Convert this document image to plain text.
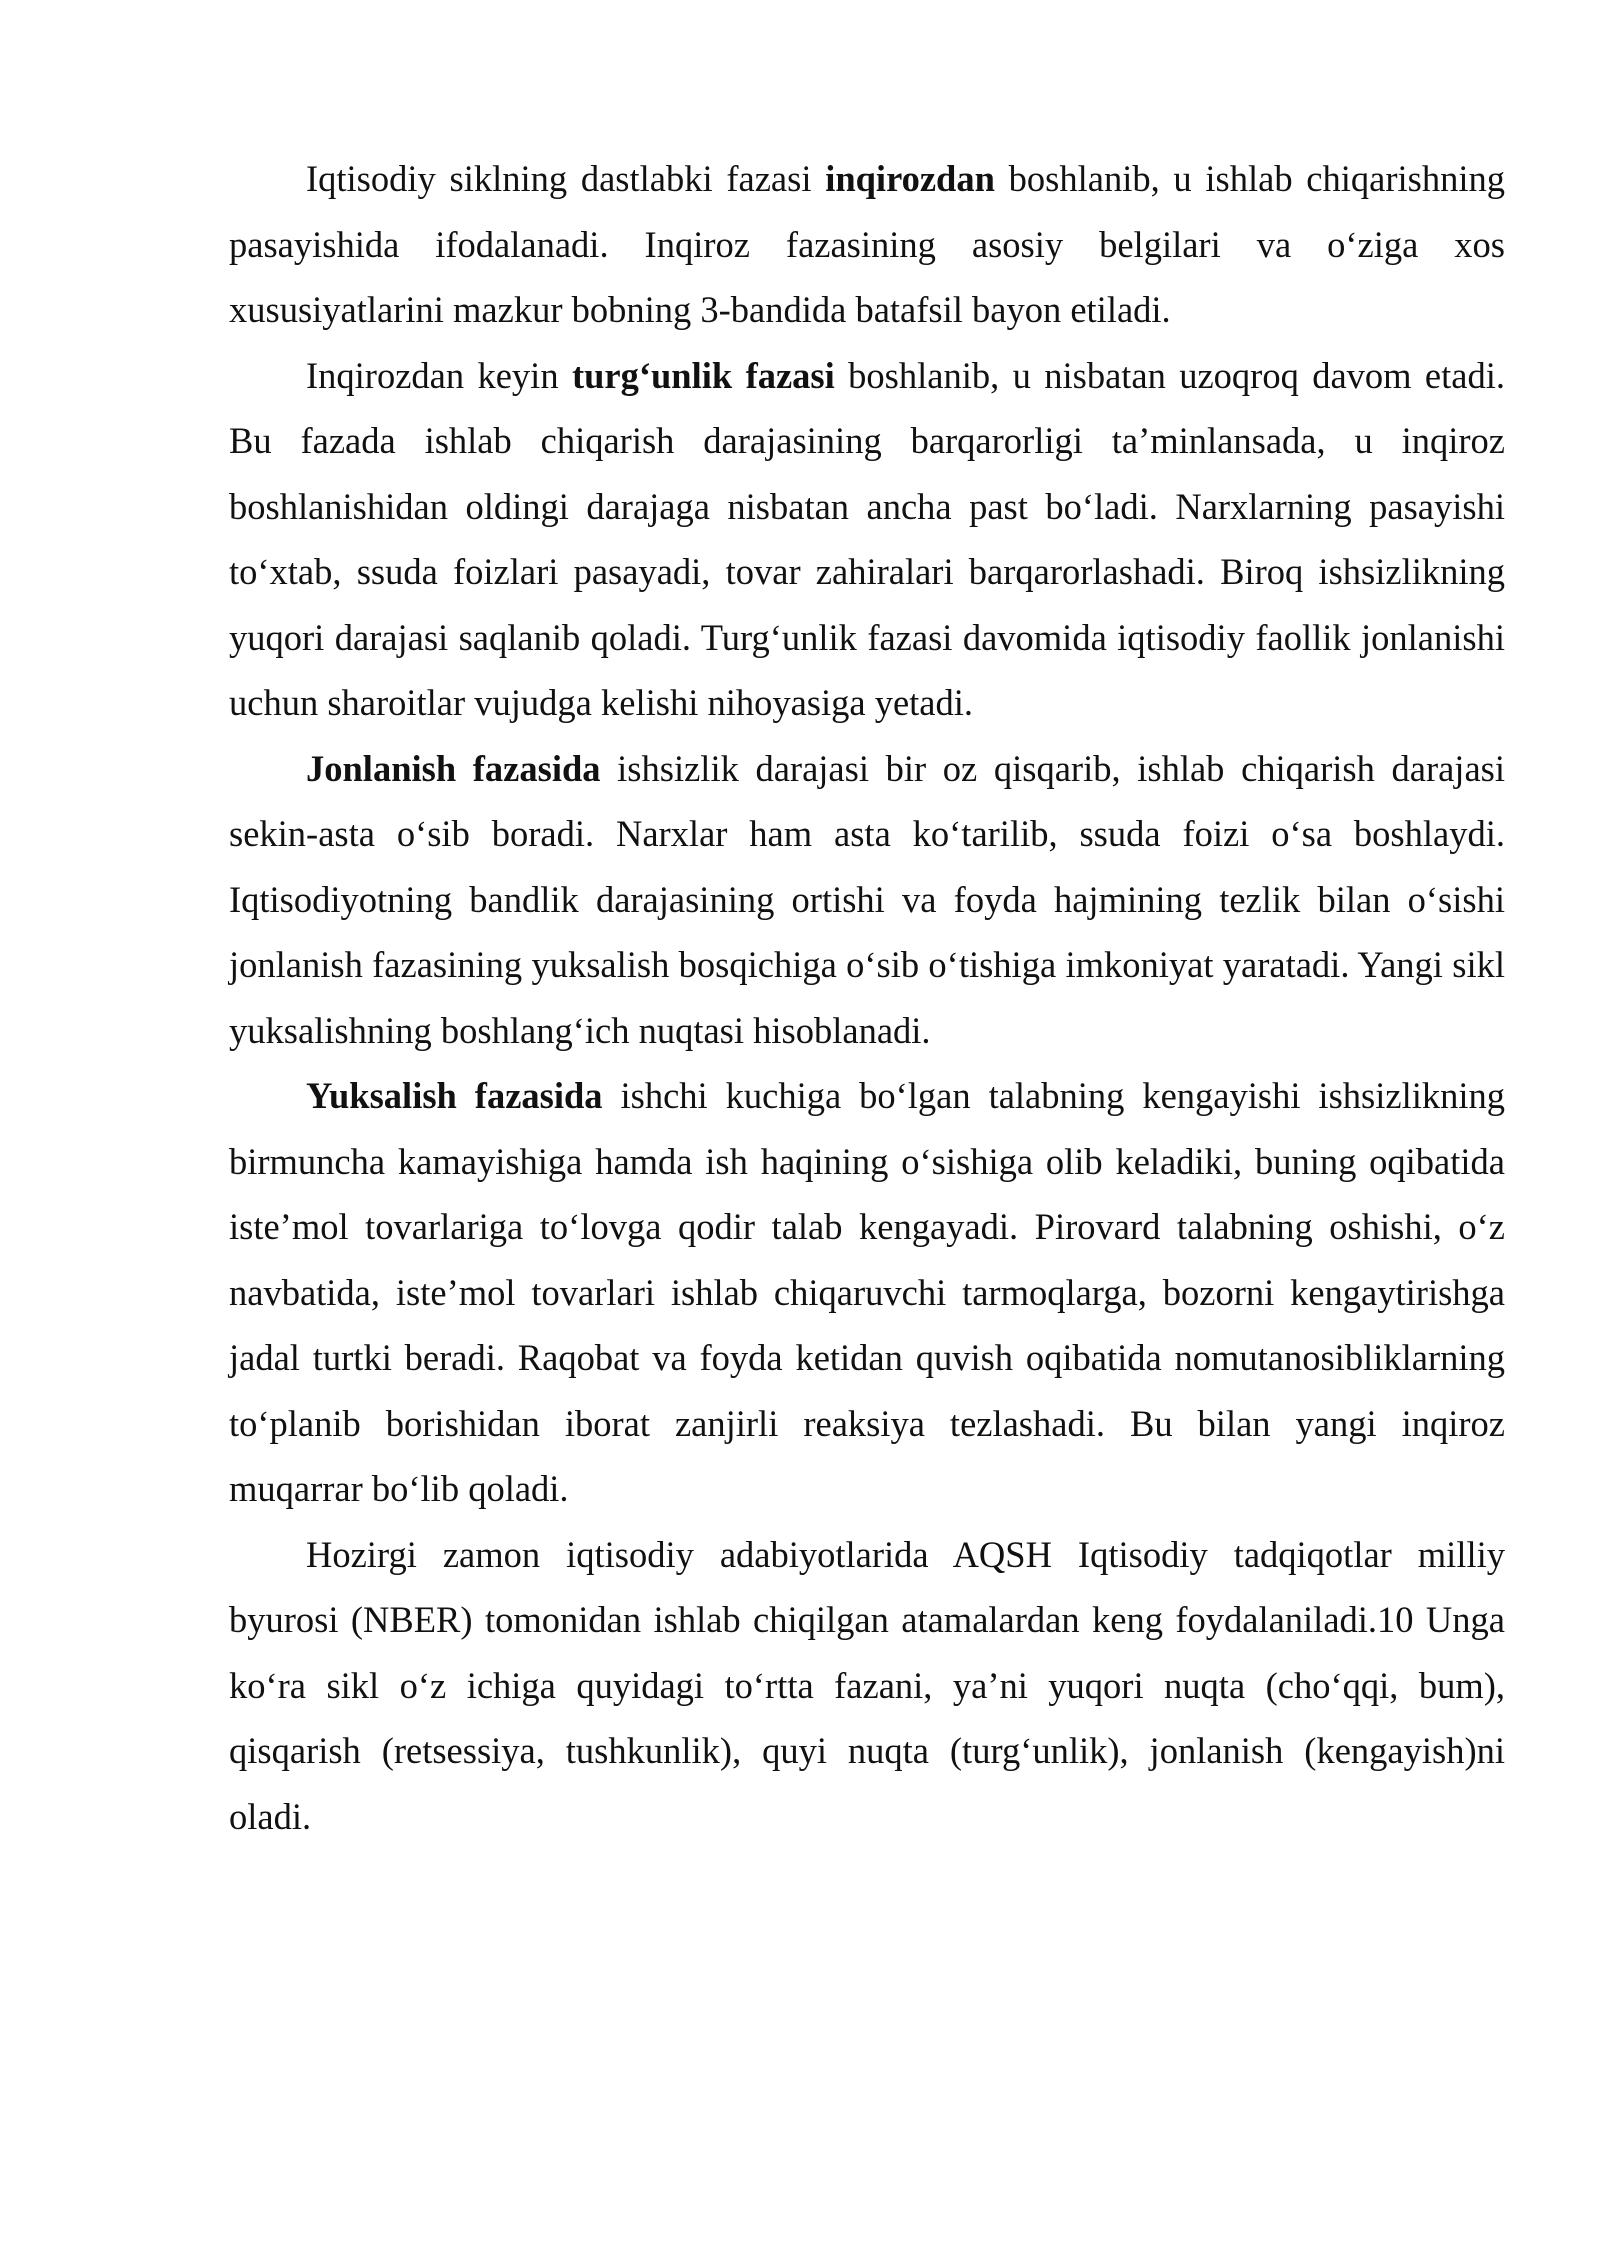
Iqtisodiy siklning dastlabki fazasi inqirozdan boshlanib, u ishlab chiqarishning pasayishida ifodalanadi. Inqiroz fazasining asosiy belgilari va o‘ziga xos xususiyatlarini mazkur bobning 3-bandida batafsil bayon etiladi.

Inqirozdan keyin turg‘unlik fazasi boshlanib, u nisbatan uzoqroq davom etadi. Bu fazada ishlab chiqarish darajasining barqarorligi ta’minlansada, u inqiroz boshlanishidan oldingi darajaga nisbatan ancha past bo‘ladi. Narxlarning pasayishi to‘xtab, ssuda foizlari pasayadi, tovar zahiralari barqarorlashadi. Biroq ishsizlikning yuqori darajasi saqlanib qoladi. Turg‘unlik fazasi davomida iqtisodiy faollik jonlanishi uchun sharoitlar vujudga kelishi nihoyasiga yetadi.

Jonlanish fazasida ishsizlik darajasi bir oz qisqarib, ishlab chiqarish darajasi sekin-asta o‘sib boradi. Narxlar ham asta ko‘tarilib, ssuda foizi o‘sa boshlaydi. Iqtisodiyotning bandlik darajasining ortishi va foyda hajmining tezlik bilan o‘sishi jonlanish fazasining yuksalish bosqichiga o‘sib o‘tishiga imkoniyat yaratadi. Yangi sikl yuksalishning boshlang‘ich nuqtasi hisoblanadi.

Yuksalish fazasida ishchi kuchiga bo‘lgan talabning kengayishi ishsizlikning birmuncha kamayishiga hamda ish haqining o‘sishiga olib keladiki, buning oqibatida iste’mol tovarlariga to‘lovga qodir talab kengayadi. Pirovard talabning oshishi, o‘z navbatida, iste’mol tovarlari ishlab chiqaruvchi tarmoqlarga, bozorni kengaytirishga jadal turtki beradi. Raqobat va foyda ketidan quvish oqibatida nomutanosibliklarning to‘planib borishidan iborat zanjirli reaksiya tezlashadi. Bu bilan yangi inqiroz muqarrar bo‘lib qoladi.

Hozirgi zamon iqtisodiy adabiyotlarida AQSH Iqtisodiy tadqiqotlar milliy byurosi (NBER) tomonidan ishlab chiqilgan atamalardan keng foydalaniladi.10 Unga ko‘ra sikl o‘z ichiga quyidagi to‘rtta fazani, ya’ni yuqori nuqta (cho‘qqi, bum), qisqarish (retsessiya, tushkunlik), quyi nuqta (turg‘unlik), jonlanish (kengayish)ni oladi.
